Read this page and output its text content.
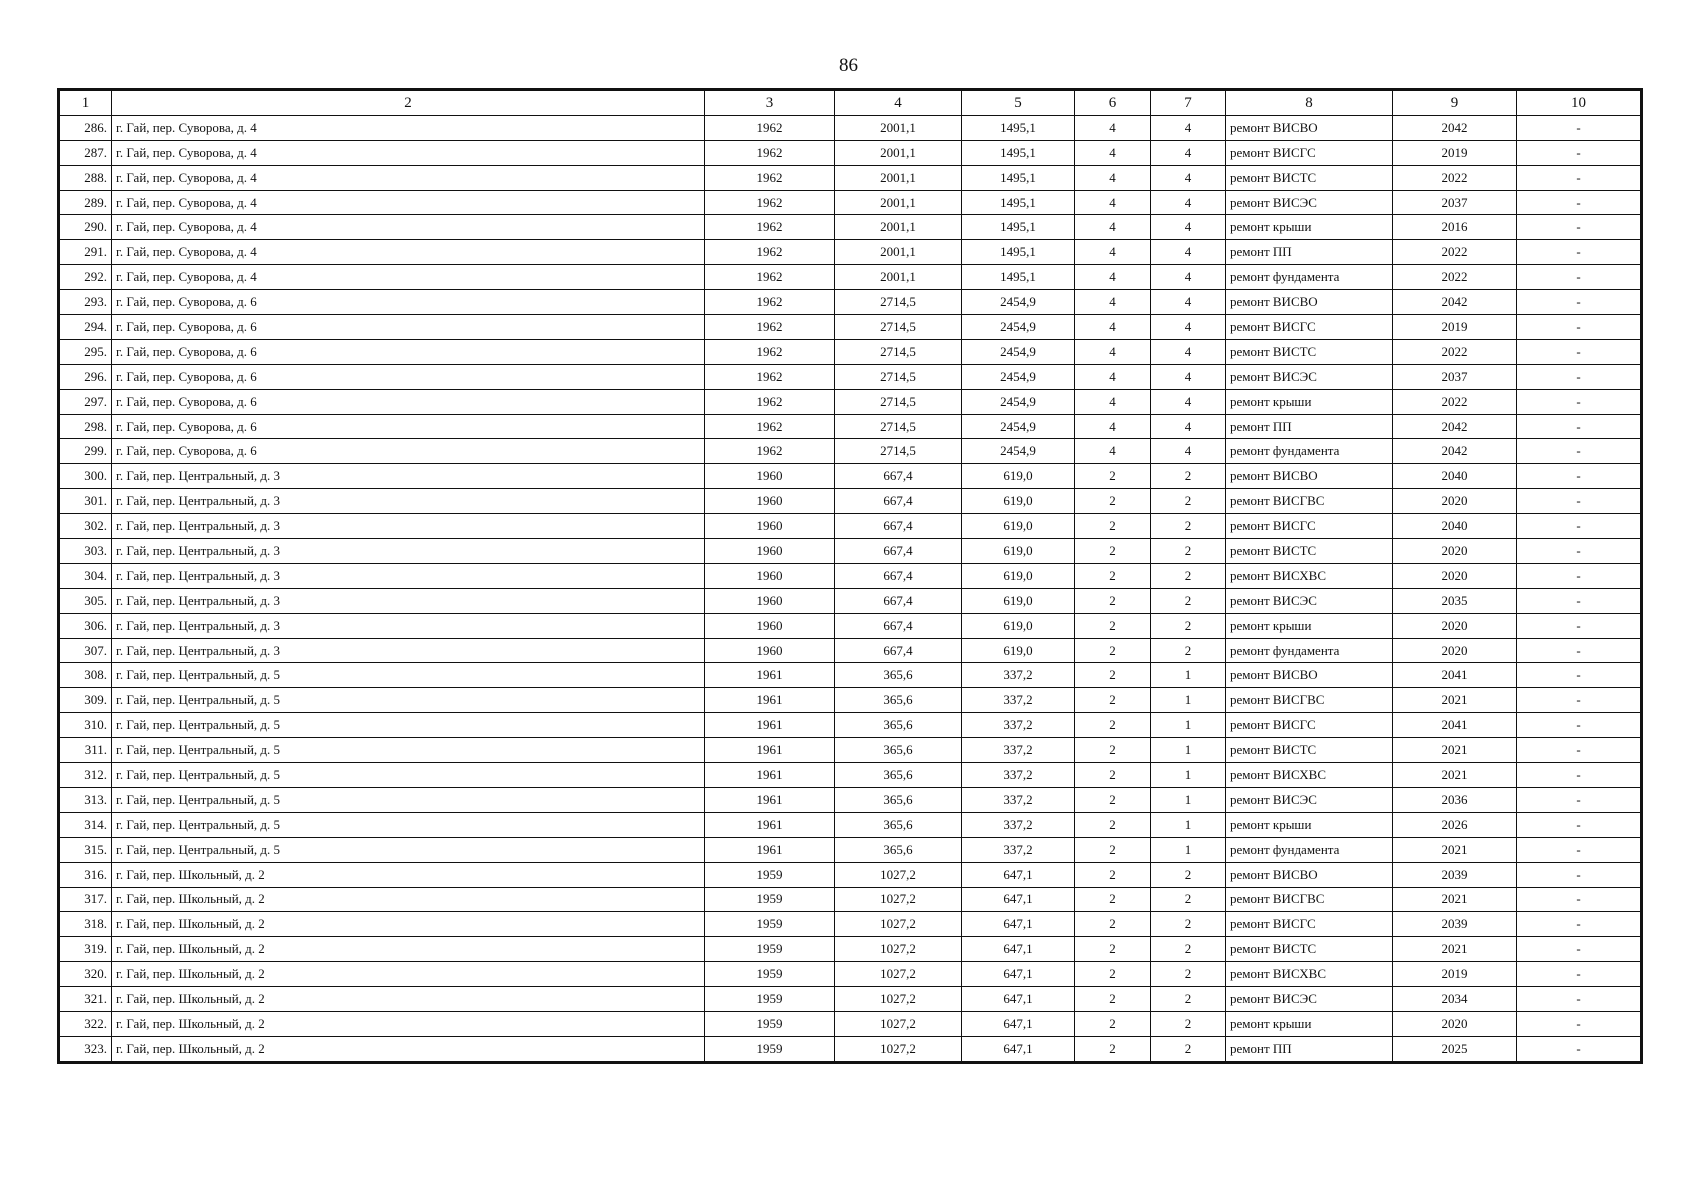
86
1	2	3	4	5	6	7	8	9	10
286.	г. Гай, пер. Суворова, д. 4	1962	2001,1	1495,1	4	4	ремонт ВИСВО	2042	-
287.	г. Гай, пер. Суворова, д. 4	1962	2001,1	1495,1	4	4	ремонт ВИСГС	2019	-
288.	г. Гай, пер. Суворова, д. 4	1962	2001,1	1495,1	4	4	ремонт ВИСТС	2022	-
289.	г. Гай, пер. Суворова, д. 4	1962	2001,1	1495,1	4	4	ремонт ВИСЭС	2037	-
290.	г. Гай, пер. Суворова, д. 4	1962	2001,1	1495,1	4	4	ремонт крыши	2016	-
291.	г. Гай, пер. Суворова, д. 4	1962	2001,1	1495,1	4	4	ремонт ПП	2022	-
292.	г. Гай, пер. Суворова, д. 4	1962	2001,1	1495,1	4	4	ремонт фундамента	2022	-
293.	г. Гай, пер. Суворова, д. 6	1962	2714,5	2454,9	4	4	ремонт ВИСВО	2042	-
294.	г. Гай, пер. Суворова, д. 6	1962	2714,5	2454,9	4	4	ремонт ВИСГС	2019	-
295.	г. Гай, пер. Суворова, д. 6	1962	2714,5	2454,9	4	4	ремонт ВИСТС	2022	-
296.	г. Гай, пер. Суворова, д. 6	1962	2714,5	2454,9	4	4	ремонт ВИСЭС	2037	-
297.	г. Гай, пер. Суворова, д. 6	1962	2714,5	2454,9	4	4	ремонт крыши	2022	-
298.	г. Гай, пер. Суворова, д. 6	1962	2714,5	2454,9	4	4	ремонт ПП	2042	-
299.	г. Гай, пер. Суворова, д. 6	1962	2714,5	2454,9	4	4	ремонт фундамента	2042	-
300.	г. Гай, пер. Центральный, д. 3	1960	667,4	619,0	2	2	ремонт ВИСВО	2040	-
301.	г. Гай, пер. Центральный, д. 3	1960	667,4	619,0	2	2	ремонт ВИСГВС	2020	-
302.	г. Гай, пер. Центральный, д. 3	1960	667,4	619,0	2	2	ремонт ВИСГС	2040	-
303.	г. Гай, пер. Центральный, д. 3	1960	667,4	619,0	2	2	ремонт ВИСТС	2020	-
304.	г. Гай, пер. Центральный, д. 3	1960	667,4	619,0	2	2	ремонт ВИСХВС	2020	-
305.	г. Гай, пер. Центральный, д. 3	1960	667,4	619,0	2	2	ремонт ВИСЭС	2035	-
306.	г. Гай, пер. Центральный, д. 3	1960	667,4	619,0	2	2	ремонт крыши	2020	-
307.	г. Гай, пер. Центральный, д. 3	1960	667,4	619,0	2	2	ремонт фундамента	2020	-
308.	г. Гай, пер. Центральный, д. 5	1961	365,6	337,2	2	1	ремонт ВИСВО	2041	-
309.	г. Гай, пер. Центральный, д. 5	1961	365,6	337,2	2	1	ремонт ВИСГВС	2021	-
310.	г. Гай, пер. Центральный, д. 5	1961	365,6	337,2	2	1	ремонт ВИСГС	2041	-
311.	г. Гай, пер. Центральный, д. 5	1961	365,6	337,2	2	1	ремонт ВИСТС	2021	-
312.	г. Гай, пер. Центральный, д. 5	1961	365,6	337,2	2	1	ремонт ВИСХВС	2021	-
313.	г. Гай, пер. Центральный, д. 5	1961	365,6	337,2	2	1	ремонт ВИСЭС	2036	-
314.	г. Гай, пер. Центральный, д. 5	1961	365,6	337,2	2	1	ремонт крыши	2026	-
315.	г. Гай, пер. Центральный, д. 5	1961	365,6	337,2	2	1	ремонт фундамента	2021	-
316.	г. Гай, пер. Школьный, д. 2	1959	1027,2	647,1	2	2	ремонт ВИСВО	2039	-
317.	г. Гай, пер. Школьный, д. 2	1959	1027,2	647,1	2	2	ремонт ВИСГВС	2021	-
318.	г. Гай, пер. Школьный, д. 2	1959	1027,2	647,1	2	2	ремонт ВИСГС	2039	-
319.	г. Гай, пер. Школьный, д. 2	1959	1027,2	647,1	2	2	ремонт ВИСТС	2021	-
320.	г. Гай, пер. Школьный, д. 2	1959	1027,2	647,1	2	2	ремонт ВИСХВС	2019	-
321.	г. Гай, пер. Школьный, д. 2	1959	1027,2	647,1	2	2	ремонт ВИСЭС	2034	-
322.	г. Гай, пер. Школьный, д. 2	1959	1027,2	647,1	2	2	ремонт крыши	2020	-
323.	г. Гай, пер. Школьный, д. 2	1959	1027,2	647,1	2	2	ремонт ПП	2025	-
